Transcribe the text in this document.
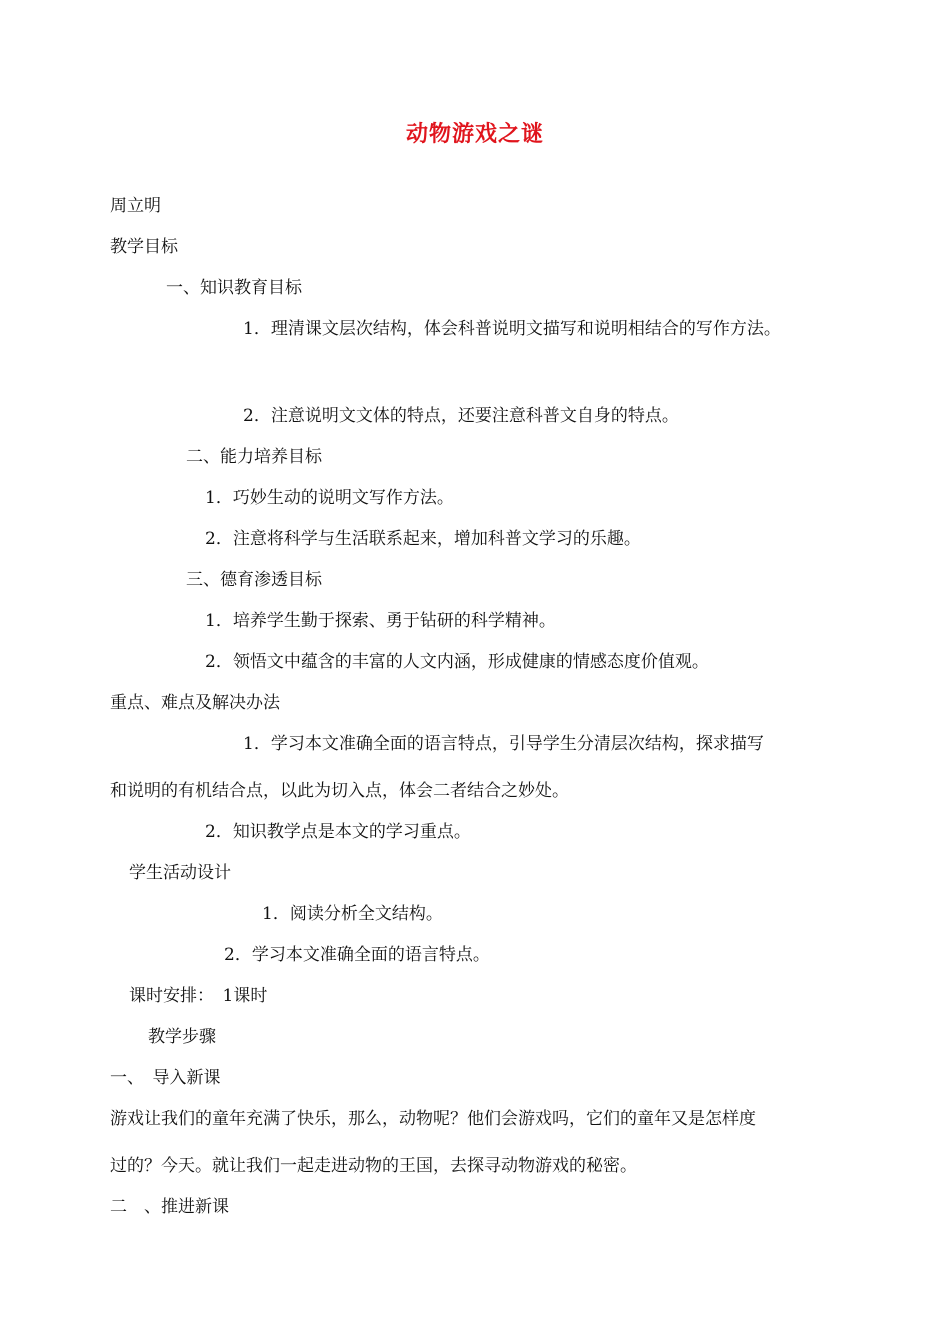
动物游戏之谜
周立明
教学目标
一、知识教育目标
1．理清课文层次结构，体会科普说明文描写和说明相结合的写作方法。
2．注意说明文文体的特点，还要注意科普文自身的特点。
二、能力培养目标
1．巧妙生动的说明文写作方法。
2．注意将科学与生活联系起来，增加科普文学习的乐趣。
三、德育渗透目标
1．培养学生勤于探索、勇于钻研的科学精神。
2．领悟文中蕴含的丰富的人文内涵，形成健康的情感态度价值观。
重点、难点及解决办法
1．学习本文准确全面的语言特点，引导学生分清层次结构，探求描写
和说明的有机结合点，以此为切入点，体会二者结合之妙处。
2．知识教学点是本文的学习重点。
学生活动设计
1．阅读分析全文结构。
2．学习本文准确全面的语言特点。
课时安排：　1课时
教学步骤
一、　导入新课
游戏让我们的童年充满了快乐，那么，动物呢？他们会游戏吗，它们的童年又是怎样度
过的？今天。就让我们一起走进动物的王国，去探寻动物游戏的秘密。
二　、推进新课
